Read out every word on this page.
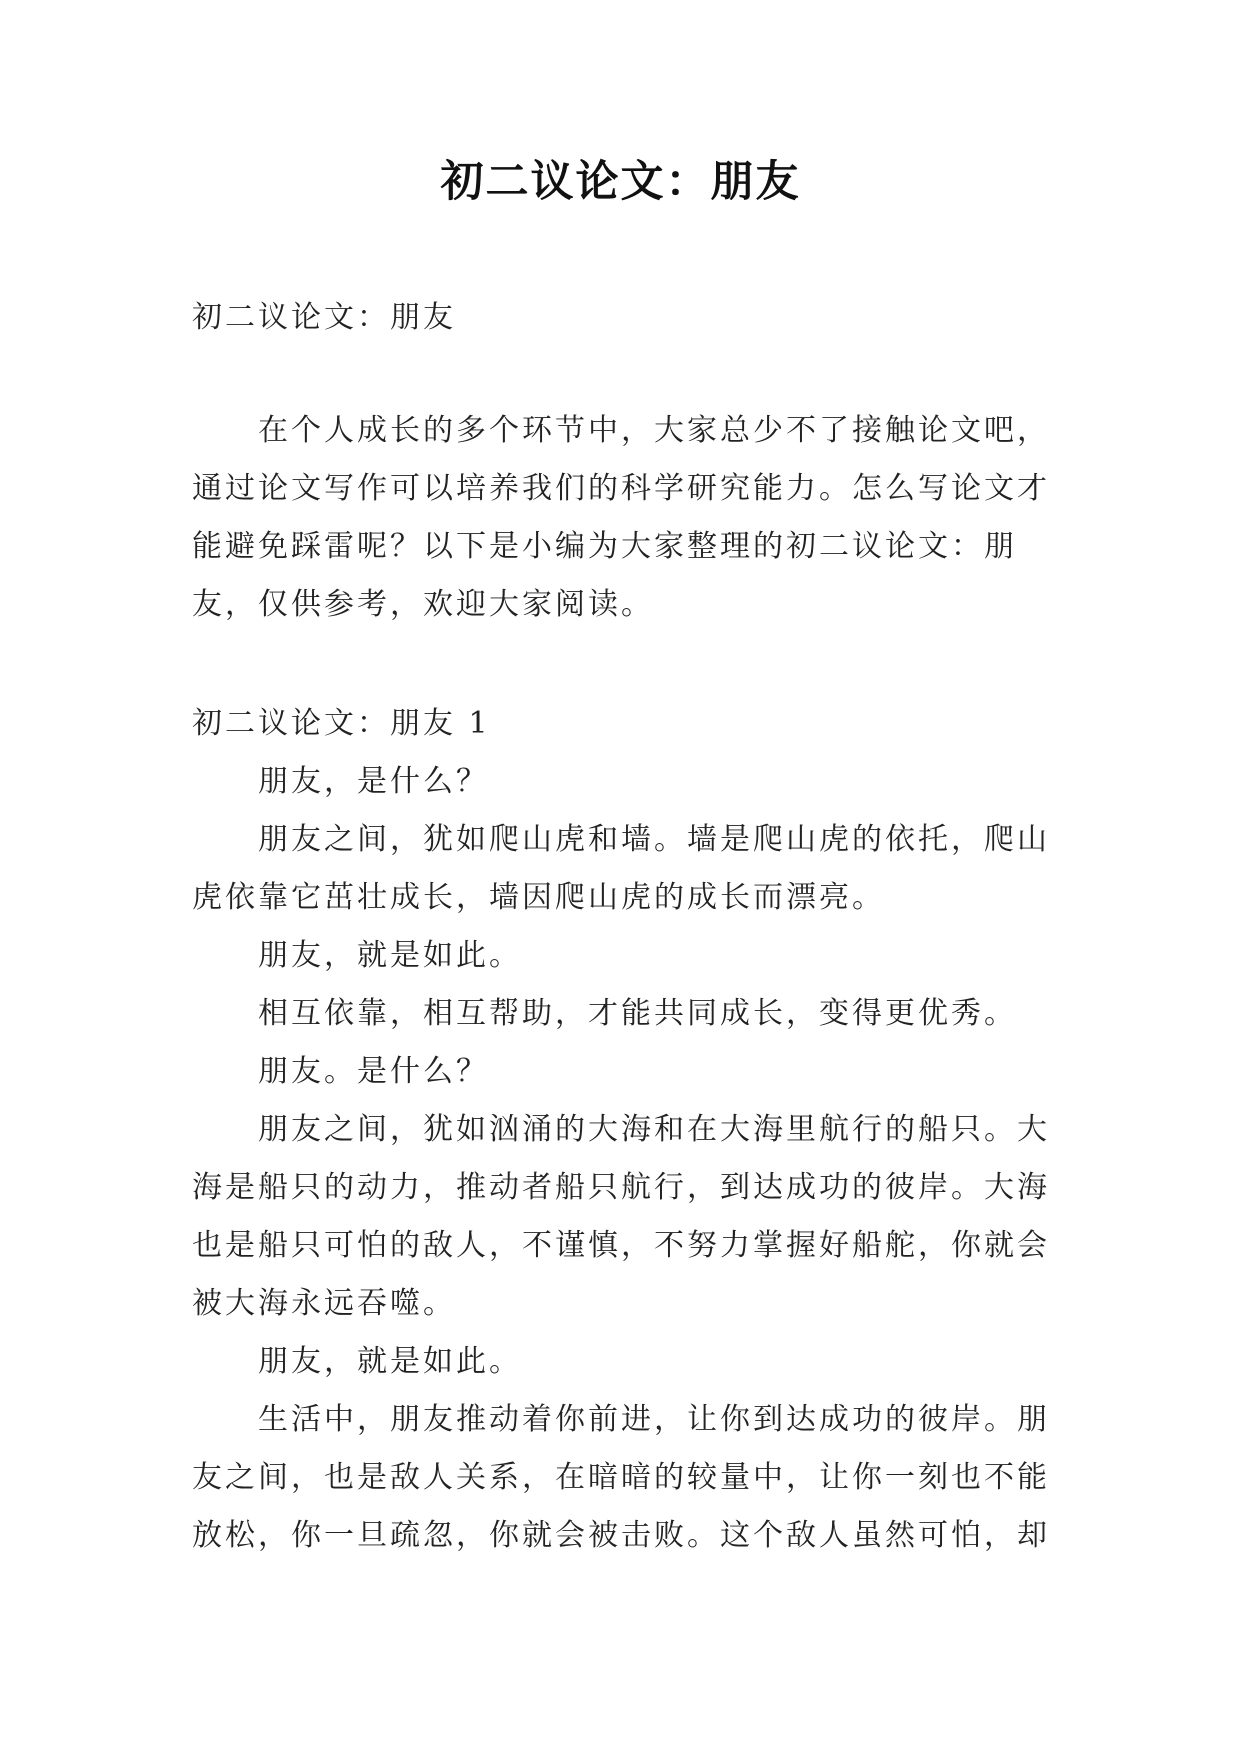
初二议论文：朋友
初二议论文：朋友

在个人成长的多个环节中，大家总少不了接触论文吧，通过论文写作可以培养我们的科学研究能力。怎么写论文才能避免踩雷呢？以下是小编为大家整理的初二议论文：朋友，仅供参考，欢迎大家阅读。

初二议论文：朋友 1

朋友，是什么？

朋友之间，犹如爬山虎和墙。墙是爬山虎的依托，爬山虎依靠它茁壮成长，墙因爬山虎的成长而漂亮。

朋友，就是如此。

相互依靠，相互帮助，才能共同成长，变得更优秀。

朋友。是什么？

朋友之间，犹如汹涌的大海和在大海里航行的船只。大海是船只的动力，推动者船只航行，到达成功的彼岸。大海也是船只可怕的敌人，不谨慎，不努力掌握好船舵，你就会被大海永远吞噬。

朋友，就是如此。

生活中，朋友推动着你前进，让你到达成功的彼岸。朋友之间，也是敌人关系，在暗暗的较量中，让你一刻也不能放松，你一旦疏忽，你就会被击败。这个敌人虽然可怕，却
